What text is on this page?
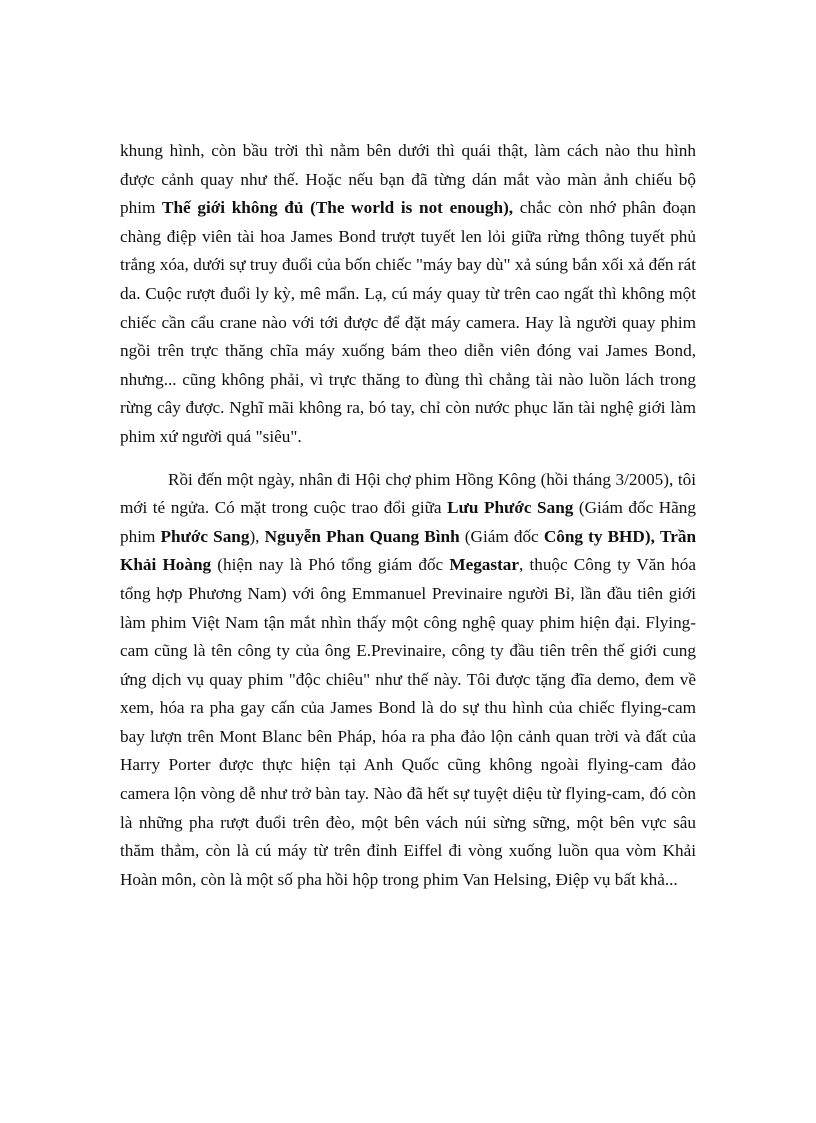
khung hình, còn bầu trời thì nằm bên dưới thì quái thật, làm cách nào thu hình được cảnh quay như thế. Hoặc nếu bạn đã từng dán mắt vào màn ảnh chiếu bộ phim Thế giới không đủ (The world is not enough), chắc còn nhớ phân đoạn chàng điệp viên tài hoa James Bond trượt tuyết len lỏi giữa rừng thông tuyết phủ trắng xóa, dưới sự truy đuổi của bốn chiếc "máy bay dù" xả súng bắn xối xả đến rát da. Cuộc rượt đuổi ly kỳ, mê mẩn. Lạ, cú máy quay từ trên cao ngất thì không một chiếc cần cẩu crane nào với tới được để đặt máy camera. Hay là người quay phim ngồi trên trực thăng chĩa máy xuống bám theo diễn viên đóng vai James Bond, nhưng... cũng không phải, vì trực thăng to đùng thì chẳng tài nào luồn lách trong rừng cây được. Nghĩ mãi không ra, bó tay, chỉ còn nước phục lăn tài nghệ giới làm phim xứ người quá "siêu".

Rồi đến một ngày, nhân đi Hội chợ phim Hồng Kông (hồi tháng 3/2005), tôi mới té ngửa. Có mặt trong cuộc trao đổi giữa Lưu Phước Sang (Giám đốc Hãng phim Phước Sang), Nguyễn Phan Quang Bình (Giám đốc Công ty BHD), Trần Khải Hoàng (hiện nay là Phó tổng giám đốc Megastar, thuộc Công ty Văn hóa tổng hợp Phương Nam) với ông Emmanuel Previnaire người Bỉ, lần đầu tiên giới làm phim Việt Nam tận mắt nhìn thấy một công nghệ quay phim hiện đại. Flying-cam cũng là tên công ty của ông E.Previnaire, công ty đầu tiên trên thế giới cung ứng dịch vụ quay phim "độc chiêu" như thế này. Tôi được tặng đĩa demo, đem về xem, hóa ra pha gay cấn của James Bond là do sự thu hình của chiếc flying-cam bay lượn trên Mont Blanc bên Pháp, hóa ra pha đảo lộn cảnh quan trời và đất của Harry Porter được thực hiện tại Anh Quốc cũng không ngoài flying-cam đảo camera lộn vòng dễ như trở bàn tay. Nào đã hết sự tuyệt diệu từ flying-cam, đó còn là những pha rượt đuổi trên đèo, một bên vách núi sừng sững, một bên vực sâu thăm thẳm, còn là cú máy từ trên đỉnh Eiffel đi vòng xuống luồn qua vòm Khải Hoàn môn, còn là một số pha hồi hộp trong phim Van Helsing, Điệp vụ bất khả...
